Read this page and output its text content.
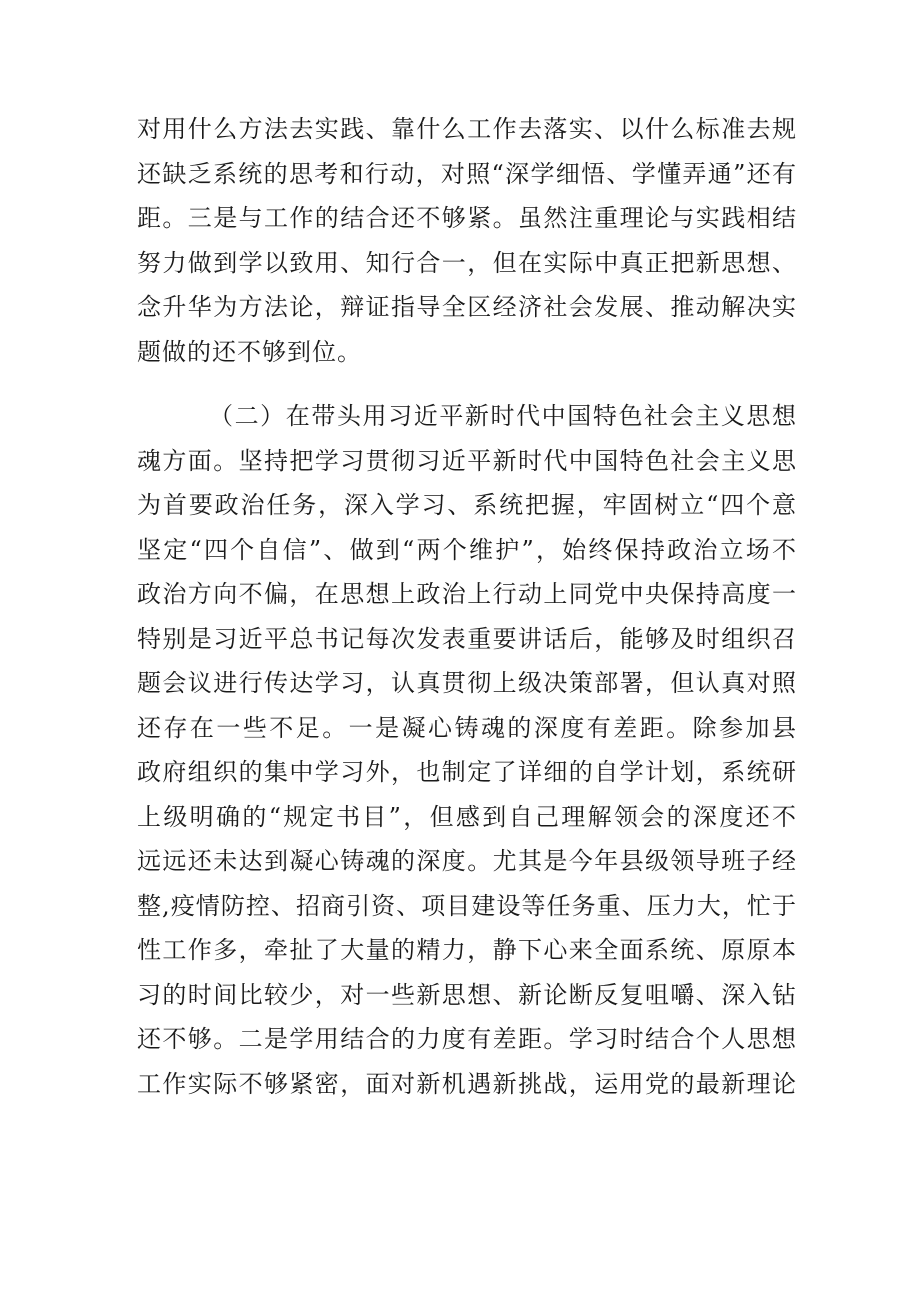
对用什么方法去实践、靠什么工作去落实、以什么标准去规
还缺乏系统的思考和行动，对照“深学细悟、学懂弄通”还有
距。三是与工作的结合还不够紧。虽然注重理论与实践相结
努力做到学以致用、知行合一，但在实际中真正把新思想、
念升华为方法论，辩证指导全区经济社会发展、推动解决实
题做的还不够到位。
（二）在带头用习近平新时代中国特色社会主义思想
魂方面。坚持把学习贯彻习近平新时代中国特色社会主义思
为首要政治任务，深入学习、系统把握，牢固树立“四个意
坚定“四个自信”、做到“两个维护”，始终保持政治立场不
政治方向不偏，在思想上政治上行动上同党中央保持高度一
特别是习近平总书记每次发表重要讲话后，能够及时组织召
题会议进行传达学习，认真贯彻上级决策部署，但认真对照
还存在一些不足。一是凝心铸魂的深度有差距。除参加县
政府组织的集中学习外，也制定了详细的自学计划，系统研
上级明确的“规定书目”，但感到自己理解领会的深度还不
远远还未达到凝心铸魂的深度。尤其是今年县级领导班子经
整,疫情防控、招商引资、项目建设等任务重、压力大，忙于
性工作多，牵扯了大量的精力，静下心来全面系统、原原本
习的时间比较少，对一些新思想、新论断反复咀嚼、深入钻
还不够。二是学用结合的力度有差距。学习时结合个人思想
工作实际不够紧密，面对新机遇新挑战，运用党的最新理论
